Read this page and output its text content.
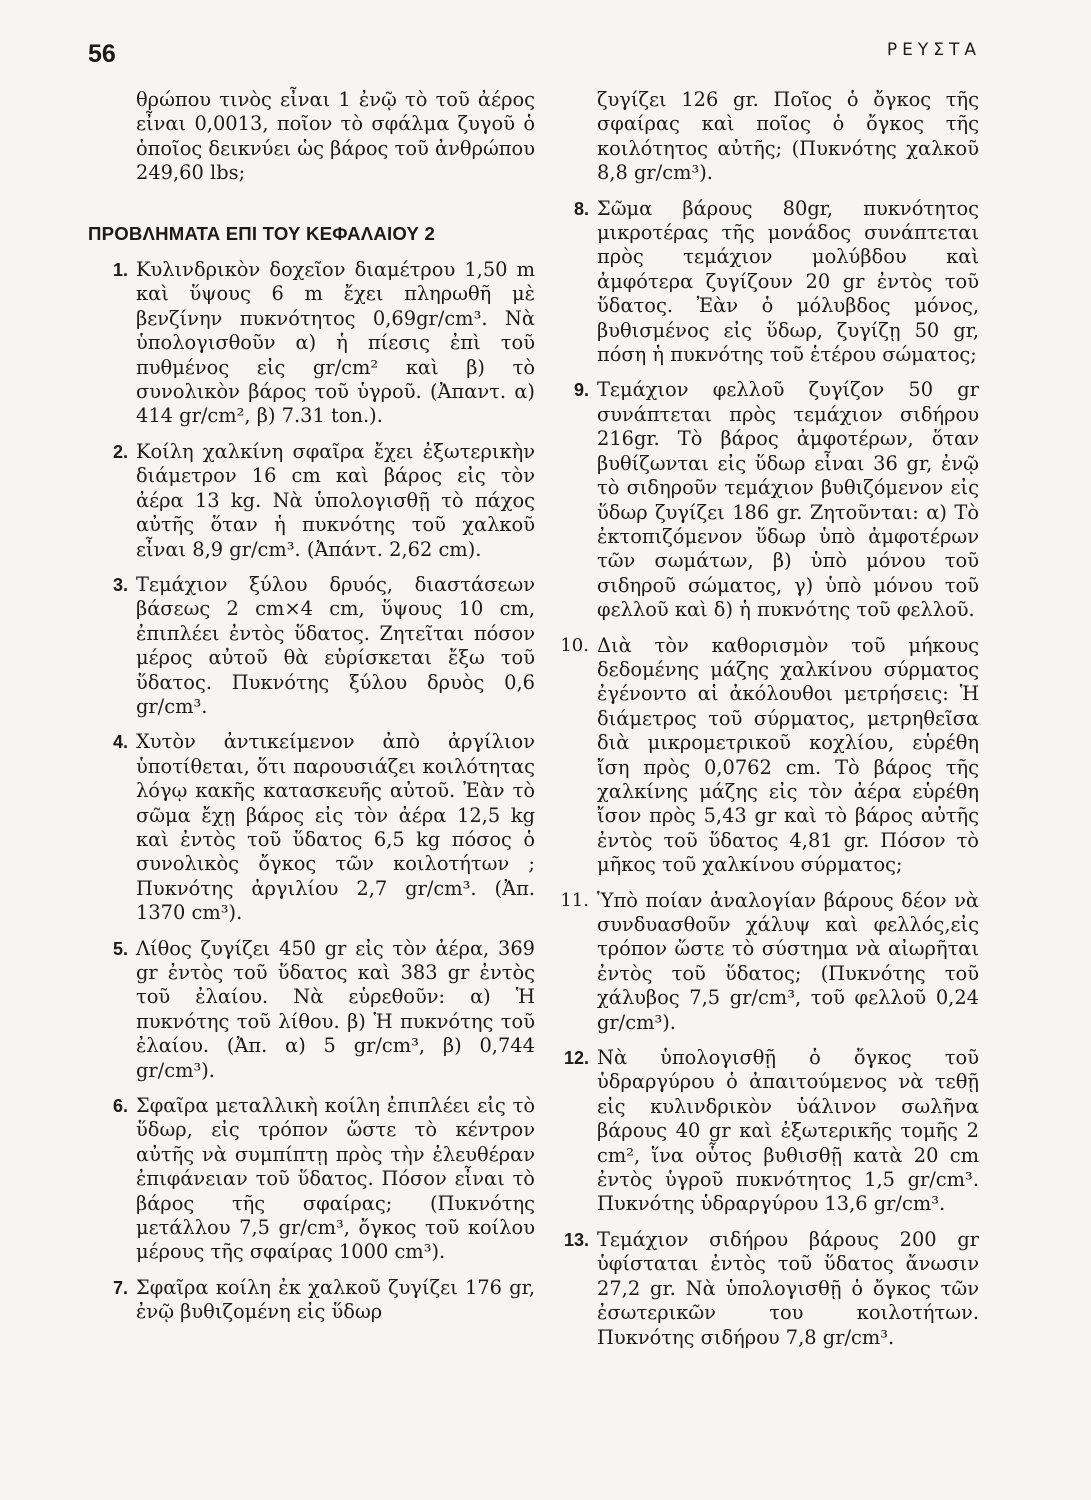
56	ΡΕΥΣΤΑ

θρώπου τινὸς εἶναι 1 ἐνῷ τὸ τοῦ ἀέρος εἶναι 0,0013, ποῖον τὸ σφάλμα ζυγοῦ ὁ ὁποῖος δεικνύει ὡς βάρος τοῦ ἀνθρώπου 249,60 lbs;

ΠΡΟΒΛΗΜΑΤΑ ΕΠΙ ΤΟΥ ΚΕΦΑΛΑΙΟΥ 2
1. Κυλινδρικὸν δοχεῖον διαμέτρου 1,50 m καὶ ὕψους 6 m ἔχει πληρωθῆ μὲ βενζίνην πυκνότητος 0,69gr/cm³. Νὰ ὑπολογισθοῦν α) ἡ πίεσις ἐπὶ τοῦ πυθμένος εἰς gr/cm² καὶ β) τὸ συνολικὸν βάρος τοῦ ὑγροῦ. (Ἀπαντ. α) 414 gr/cm², β) 7.31 ton.).
2. Κοίλη χαλκίνη σφαῖρα ἔχει ἐξωτερικὴν διάμετρον 16 cm καὶ βάρος εἰς τὸν ἀέρα 13 kg. Νὰ ὑπολογισθῇ τὸ πάχος αὐτῆς ὅταν ἡ πυκνότης τοῦ χαλκοῦ εἶναι 8,9 gr/cm³. (Ἀπάντ. 2,62 cm).
3. Τεμάχιον ξύλου δρυός, διαστάσεων βάσεως 2 cm×4 cm, ὕψους 10 cm, ἐπιπλέει ἐντὸς ὕδατος. Ζητεῖται πόσον μέρος αὐτοῦ θὰ εὑρίσκεται ἔξω τοῦ ὕδατος. Πυκνότης ξύλου δρυὸς 0,6 gr/cm³.
4. Χυτὸν ἀντικείμενον ἀπὸ ἀργίλιον ὑποτίθεται, ὅτι παρουσιάζει κοιλότητας λόγῳ κακῆς κατασκευῆς αὐτοῦ. Ἐὰν τὸ σῶμα ἔχῃ βάρος εἰς τὸν ἀέρα 12,5 kg καὶ ἐντὸς τοῦ ὕδατος 6,5 kg πόσος ὁ συνολικὸς ὄγκος τῶν κοιλοτήτων ; Πυκνότης ἀργιλίου 2,7 gr/cm³. (Ἀπ. 1370 cm³).
5. Λίθος ζυγίζει 450 gr εἰς τὸν ἀέρα, 369 gr ἐντὸς τοῦ ὕδατος καὶ 383 gr ἐντὸς τοῦ ἐλαίου. Νὰ εὑρεθοῦν: α) Ἡ πυκνότης τοῦ λίθου. β) Ἡ πυκνότης τοῦ ἐλαίου. (Ἀπ. α) 5 gr/cm³, β) 0,744 gr/cm³).
6. Σφαῖρα μεταλλικὴ κοίλη ἐπιπλέει εἰς τὸ ὕδωρ, εἰς τρόπον ὥστε τὸ κέντρον αὐτῆς νὰ συμπίπτῃ πρὸς τὴν ἐλευθέραν ἐπιφάνειαν τοῦ ὕδατος. Πόσον εἶναι τὸ βάρος τῆς σφαίρας; (Πυκνότης μετάλλου 7,5 gr/cm³, ὄγκος τοῦ κοίλου μέρους τῆς σφαίρας 1000 cm³).
7. Σφαῖρα κοίλη ἐκ χαλκοῦ ζυγίζει 176 gr, ἐνῷ βυθιζομένη εἰς ὕδωρ
ζυγίζει 126 gr. Ποῖος ὁ ὄγκος τῆς σφαίρας καὶ ποῖος ὁ ὄγκος τῆς κοιλότητος αὐτῆς; (Πυκνότης χαλκοῦ 8,8 gr/cm³).
8. Σῶμα βάρους 80gr, πυκνότητος μικροτέρας τῆς μονάδος συνάπτεται πρὸς τεμάχιον μολύβδου καὶ ἀμφότερα ζυγίζουν 20 gr ἐντὸς τοῦ ὕδατος. Ἐὰν ὁ μόλυβδος μόνος, βυθισμένος εἰς ὕδωρ, ζυγίζῃ 50 gr, πόση ἡ πυκνότης τοῦ ἑτέρου σώματος;
9. Τεμάχιον φελλοῦ ζυγίζον 50 gr συνάπτεται πρὸς τεμάχιον σιδήρου 216gr. Τὸ βάρος ἀμφοτέρων, ὅταν βυθίζωνται εἰς ὕδωρ εἶναι 36 gr, ἐνῷ τὸ σιδηροῦν τεμάχιον βυθιζόμενον εἰς ὕδωρ ζυγίζει 186 gr. Ζητοῦνται: α) Τὸ ἐκτοπιζόμενον ὕδωρ ὑπὸ ἀμφοτέρων τῶν σωμάτων, β) ὑπὸ μόνου τοῦ σιδηροῦ σώματος, γ) ὑπὸ μόνου τοῦ φελλοῦ καὶ δ) ἡ πυκνότης τοῦ φελλοῦ.
10. Διὰ τὸν καθορισμὸν τοῦ μήκους δεδομένης μάζης χαλκίνου σύρματος ἐγένοντο αἱ ἀκόλουθοι μετρήσεις: Ἡ διάμετρος τοῦ σύρματος, μετρηθεῖσα διὰ μικρομετρικοῦ κοχλίου, εὑρέθη ἴση πρὸς 0,0762 cm. Τὸ βάρος τῆς χαλκίνης μάζης εἰς τὸν ἀέρα εὑρέθη ἴσον πρὸς 5,43 gr καὶ τὸ βάρος αὐτῆς ἐντὸς τοῦ ὕδατος 4,81 gr. Πόσον τὸ μῆκος τοῦ χαλκίνου σύρματος;
11. Ὑπὸ ποίαν ἀναλογίαν βάρους δέον νὰ συνδυασθοῦν χάλυψ καὶ φελλός,εἰς τρόπον ὥστε τὸ σύστημα νὰ αἰωρῆται ἐντὸς τοῦ ὕδατος; (Πυκνότης τοῦ χάλυβος 7,5 gr/cm³, τοῦ φελλοῦ 0,24 gr/cm³).
12. Νὰ ὑπολογισθῇ ὁ ὄγκος τοῦ ὑδραργύρου ὁ ἀπαιτούμενος νὰ τεθῇ εἰς κυλινδρικὸν ὑάλινον σωλῆνα βάρους 40 gr καὶ ἐξωτερικῆς τομῆς 2 cm², ἵνα οὗτος βυθισθῇ κατὰ 20 cm ἐντὸς ὑγροῦ πυκνότητος 1,5 gr/cm³. Πυκνότης ὑδραργύρου 13,6 gr/cm³.
13. Τεμάχιον σιδήρου βάρους 200 gr ὑφίσταται ἐντὸς τοῦ ὕδατος ἄνωσιν 27,2 gr. Νὰ ὑπολογισθῇ ὁ ὄγκος τῶν ἐσωτερικῶν του κοιλοτήτων. Πυκνότης σιδήρου 7,8 gr/cm³.
